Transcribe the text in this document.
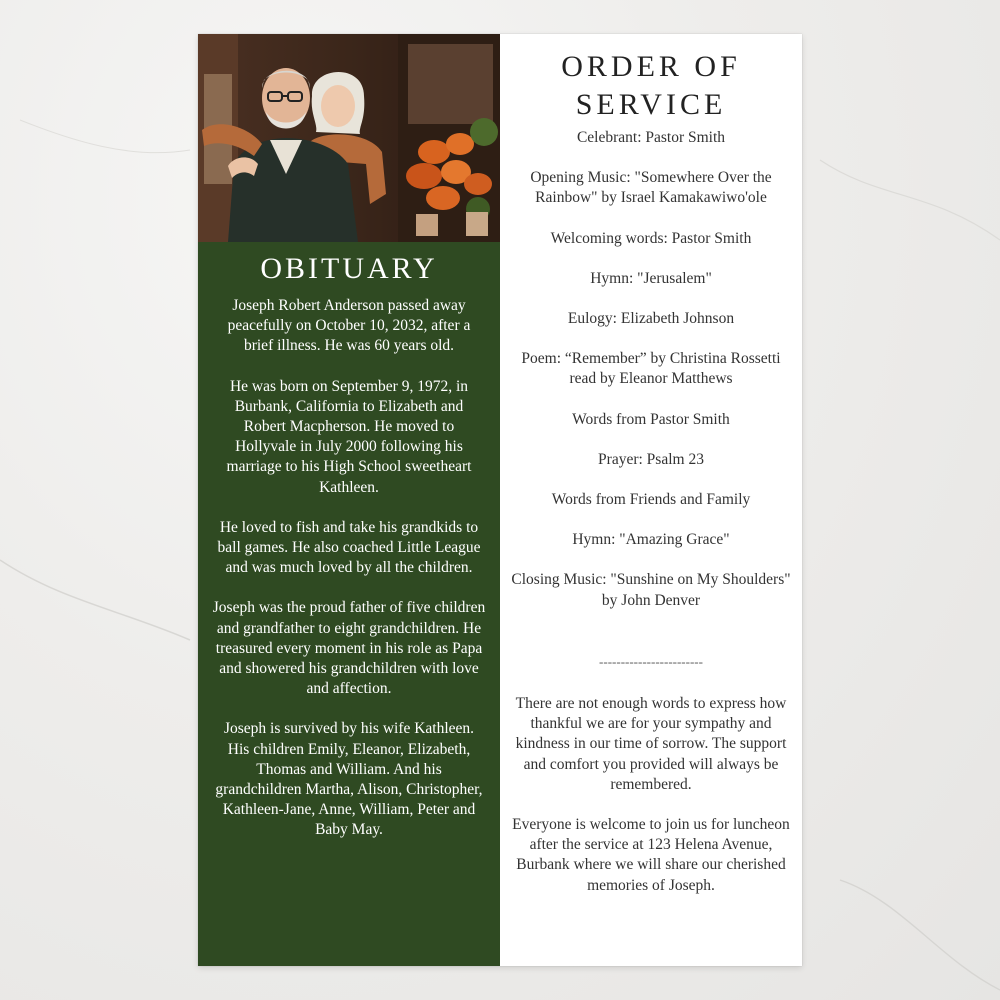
OBITUARY

Joseph Robert Anderson passed away peacefully on October 10, 2032, after a brief illness. He was 60 years old.

He was born on September 9, 1972, in Burbank, California to Elizabeth and Robert Macpherson. He moved to Hollyvale in July 2000 following his marriage to his High School sweetheart Kathleen.

He loved to fish and take his grandkids to ball games. He also coached Little League and was much loved by all the children.

Joseph was the proud father of five children and grandfather to eight grandchildren. He treasured every moment in his role as Papa and showered his grandchildren with love and affection.

Joseph is survived by his wife Kathleen. His children Emily, Eleanor, Elizabeth, Thomas and William. And his grandchildren Martha, Alison, Christopher, Kathleen-Jane, Anne, William, Peter and Baby May.

ORDER OF SERVICE

Celebrant: Pastor Smith

Opening Music: "Somewhere Over the Rainbow" by Israel Kamakawiwo'ole

Welcoming words: Pastor Smith

Hymn: "Jerusalem"

Eulogy: Elizabeth Johnson

Poem: “Remember” by Christina Rossetti read by Eleanor Matthews

Words from Pastor Smith

Prayer: Psalm 23

Words from Friends and Family

Hymn: "Amazing Grace"

Closing Music: "Sunshine on My Shoulders" by John Denver

------------------------

There are not enough words to express how thankful we are for your sympathy and kindness in our time of sorrow. The support and comfort you provided will always be remembered.

Everyone is welcome to join us for luncheon after the service at 123 Helena Avenue, Burbank where we will share our cherished memories of Joseph.
